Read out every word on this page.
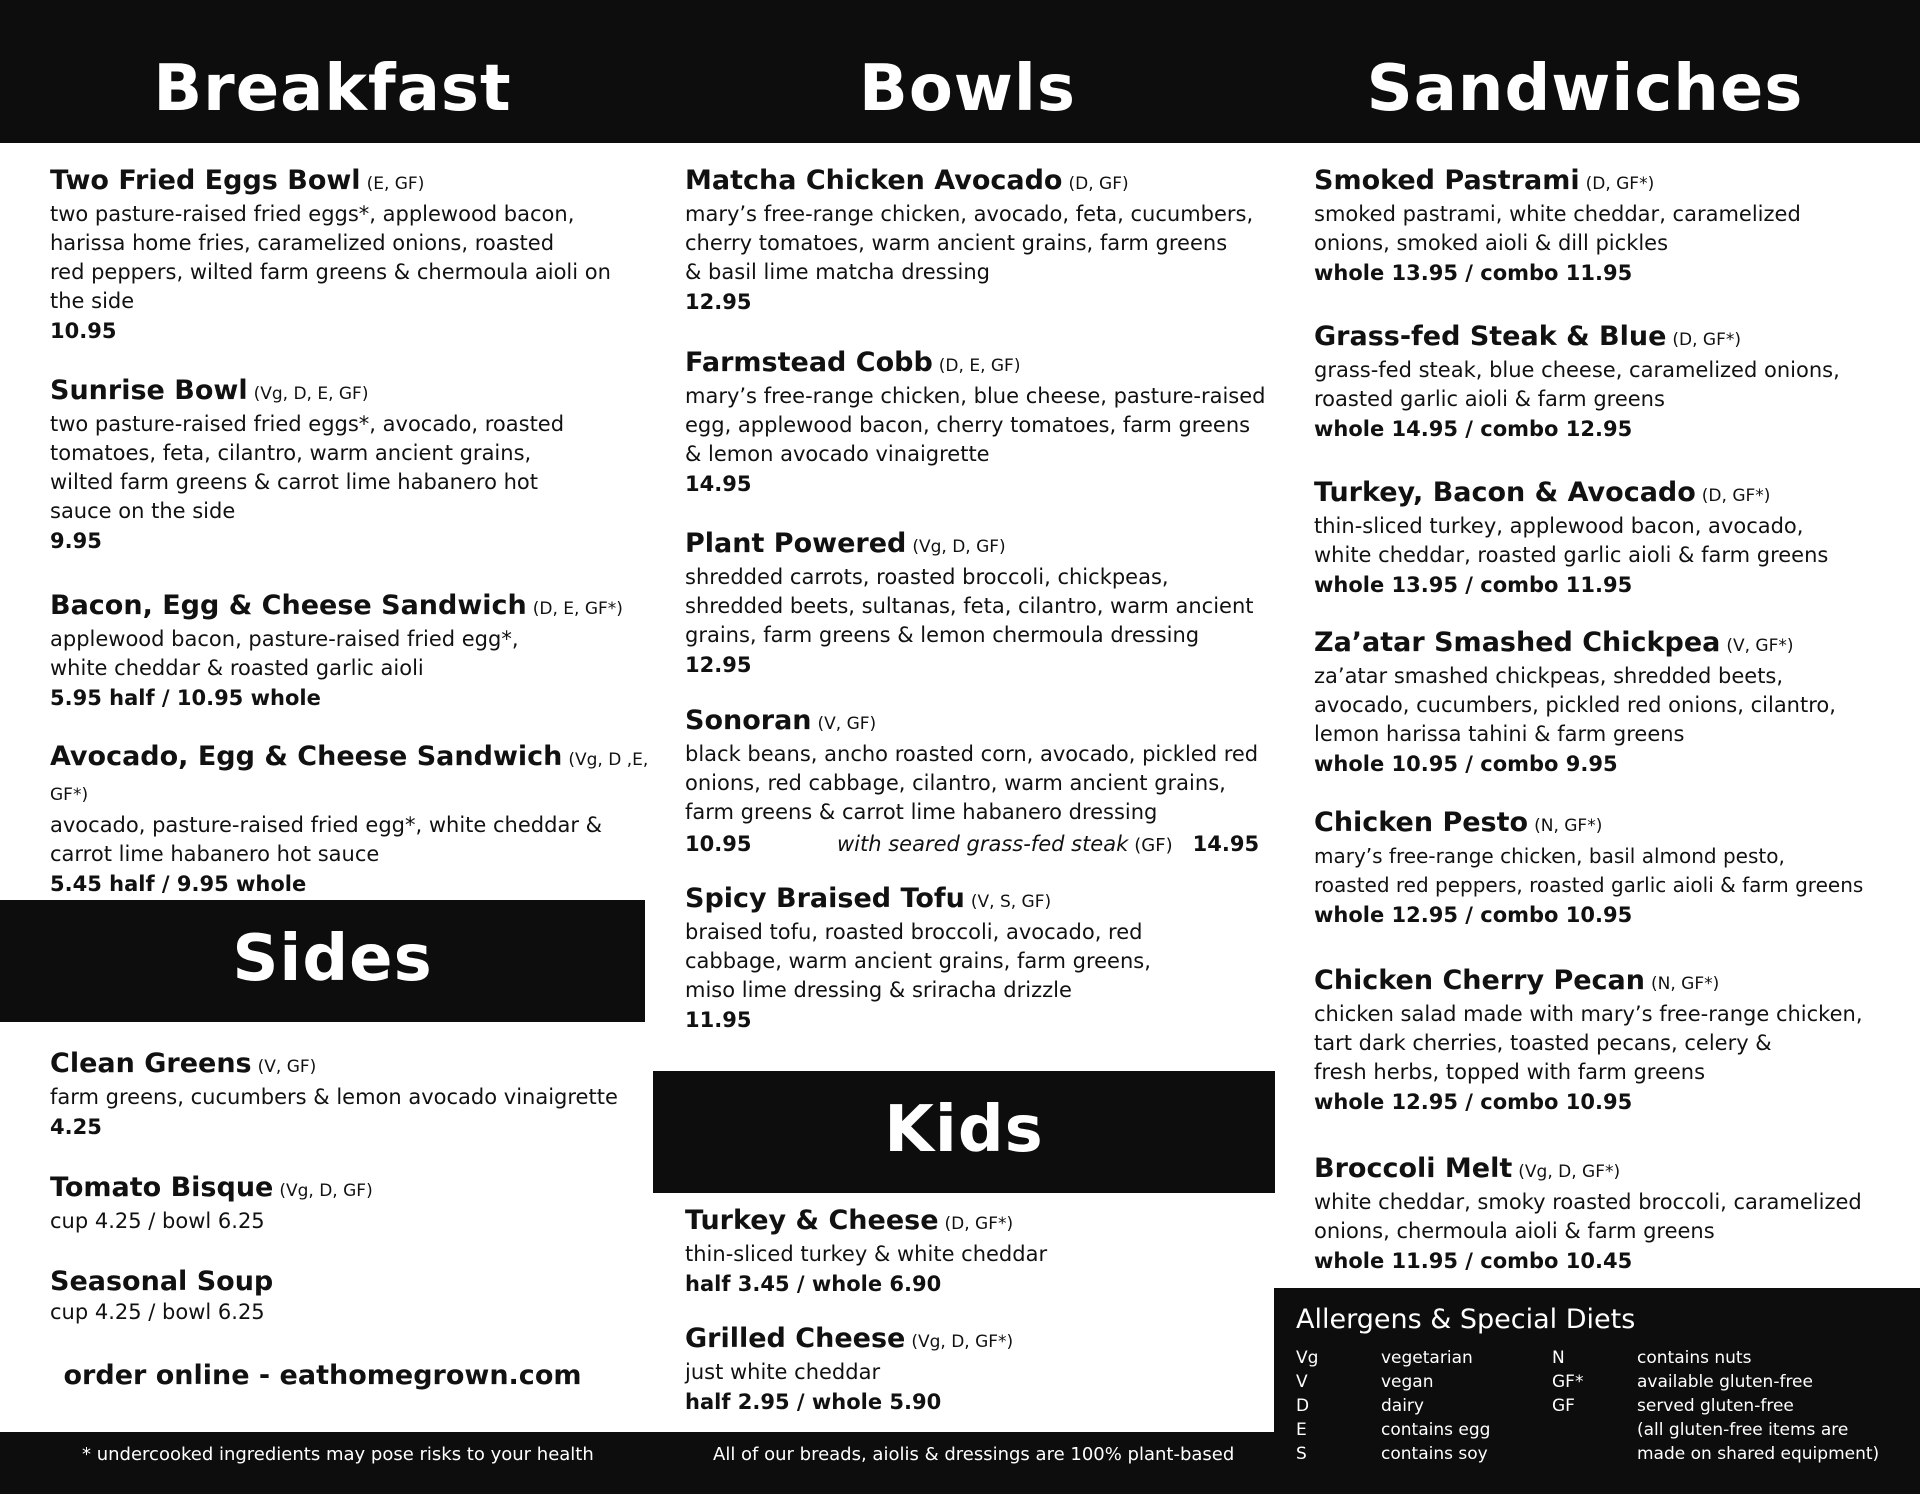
Breakfast	Bowls	Sandwiches
Sides
Kids
Two Fried Eggs Bowl (E, GF)
two pasture-raised fried eggs*, applewood bacon,
harissa home fries, caramelized onions, roasted
red peppers, wilted farm greens & chermoula aioli on
the side
10.95
Sunrise Bowl (Vg, D, E, GF)
two pasture-raised fried eggs*, avocado, roasted
tomatoes, feta, cilantro, warm ancient grains,
wilted farm greens & carrot lime habanero hot
sauce on the side
9.95
Bacon, Egg & Cheese Sandwich (D, E, GF*)
applewood bacon, pasture-raised fried egg*,
white cheddar & roasted garlic aioli
5.95 half / 10.95 whole
Avocado, Egg & Cheese Sandwich (Vg, D ,E, GF*)
avocado, pasture-raised fried egg*, white cheddar &
carrot lime habanero hot sauce
5.45 half / 9.95 whole
Clean Greens (V, GF)
farm greens, cucumbers & lemon avocado vinaigrette
4.25
Tomato Bisque (Vg, D, GF)
cup 4.25 / bowl 6.25
Seasonal Soup
cup 4.25 / bowl 6.25
order online - eathomegrown.com
Matcha Chicken Avocado (D, GF)
mary’s free-range chicken, avocado, feta, cucumbers,
cherry tomatoes, warm ancient grains, farm greens
& basil lime matcha dressing
12.95
Farmstead Cobb (D, E, GF)
mary’s free-range chicken, blue cheese, pasture-raised
egg, applewood bacon, cherry tomatoes, farm greens
& lemon avocado vinaigrette
14.95
Plant Powered (Vg, D, GF)
shredded carrots, roasted broccoli, chickpeas,
shredded beets, sultanas, feta, cilantro, warm ancient
grains, farm greens & lemon chermoula dressing
12.95
Sonoran (V, GF)
black beans, ancho roasted corn, avocado, pickled red
onions, red cabbage, cilantro, warm ancient grains,
farm greens & carrot lime habanero dressing
10.95	with seared grass-fed steak (GF) 14.95
Spicy Braised Tofu (V, S, GF)
braised tofu, roasted broccoli, avocado, red
cabbage, warm ancient grains, farm greens,
miso lime dressing & sriracha drizzle
11.95
Turkey & Cheese (D, GF*)
thin-sliced turkey & white cheddar
half 3.45 / whole 6.90
Grilled Cheese (Vg, D, GF*)
just white cheddar
half 2.95 / whole 5.90
Smoked Pastrami (D, GF*)
smoked pastrami, white cheddar, caramelized
onions, smoked aioli & dill pickles
whole 13.95 / combo 11.95
Grass-fed Steak & Blue (D, GF*)
grass-fed steak, blue cheese, caramelized onions,
roasted garlic aioli & farm greens
whole 14.95 / combo 12.95
Turkey, Bacon & Avocado (D, GF*)
thin-sliced turkey, applewood bacon, avocado,
white cheddar, roasted garlic aioli & farm greens
whole 13.95 / combo 11.95
Za’atar Smashed Chickpea (V, GF*)
za’atar smashed chickpeas, shredded beets,
avocado, cucumbers, pickled red onions, cilantro,
lemon harissa tahini & farm greens
whole 10.95 / combo 9.95
Chicken Pesto (N, GF*)
mary’s free-range chicken, basil almond pesto,
roasted red peppers, roasted garlic aioli & farm greens
whole 12.95 / combo 10.95
Chicken Cherry Pecan (N, GF*)
chicken salad made with mary’s free-range chicken,
tart dark cherries, toasted pecans, celery &
fresh herbs, topped with farm greens
whole 12.95 / combo 10.95
Broccoli Melt (Vg, D, GF*)
white cheddar, smoky roasted broccoli, caramelized
onions, chermoula aioli & farm greens
whole 11.95 / combo 10.45
* undercooked ingredients may pose risks to your health	All of our breads, aiolis & dressings are 100% plant-based
Allergens & Special Diets
Vg	vegetarian
V	vegan
D	dairy
E	contains egg
S	contains soy
N	contains nuts
GF*	available gluten-free
GF	served gluten-free
(all gluten-free items are
made on shared equipment)
